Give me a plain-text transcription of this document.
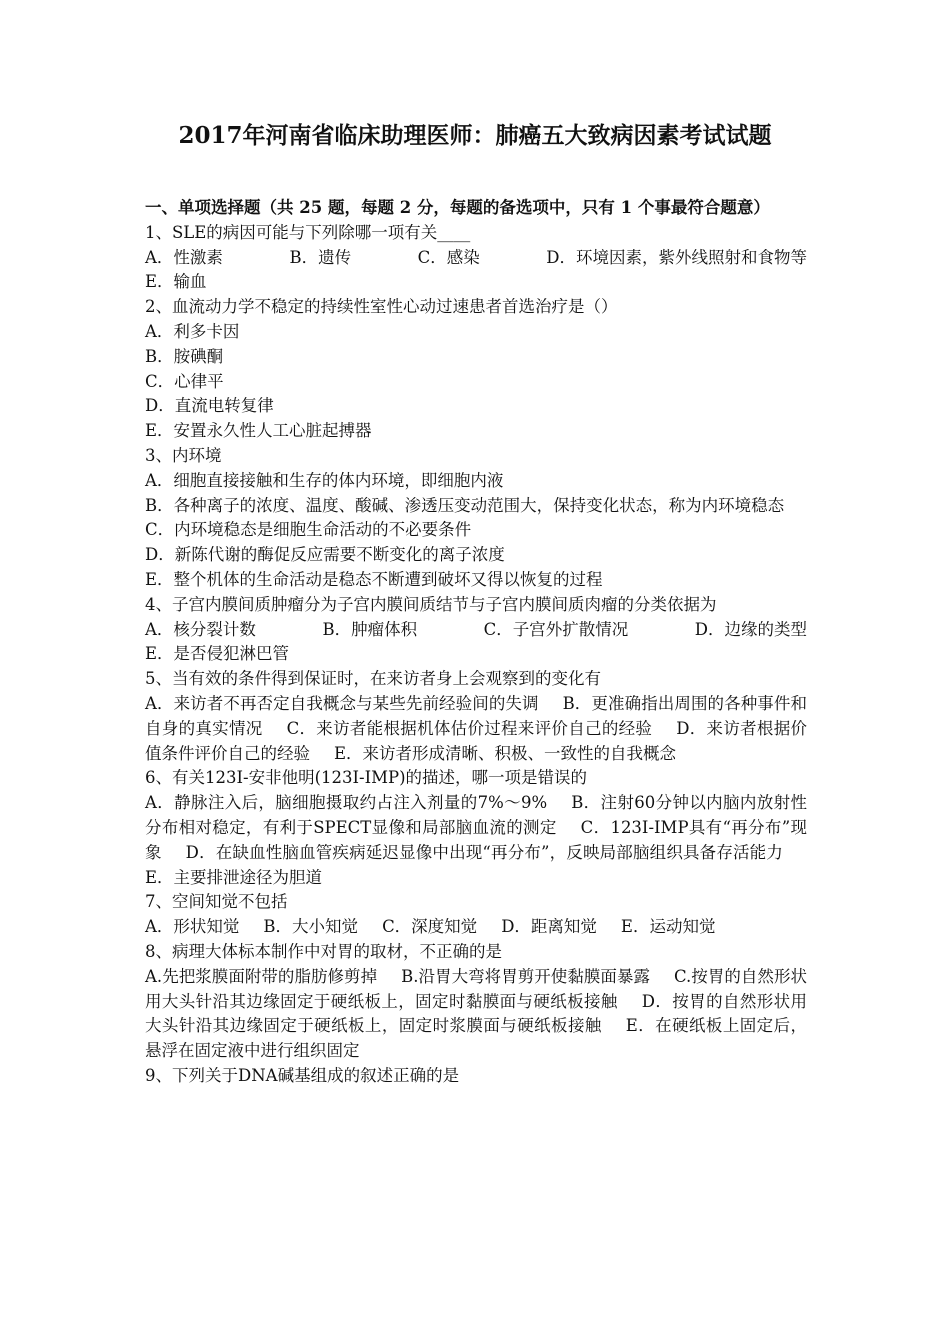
2017年河南省临床助理医师：肺癌五大致病因素考试试题

一、单项选择题（共 25 题，每题 2 分，每题的备选项中，只有 1 个事最符合题意）

1、SLE的病因可能与下列除哪一项有关____

A．性激素	B．遗传	C．感染	D．环境因素，紫外线照射和食物等

E．输血

2、血流动力学不稳定的持续性室性心动过速患者首选治疗是（）

A．利多卡因

B．胺碘酮

C．心律平

D．直流电转复律

E．安置永久性人工心脏起搏器

3、内环境

A．细胞直接接触和生存的体内环境，即细胞内液

B．各种离子的浓度、温度、酸碱、渗透压变动范围大，保持变化状态，称为内环境稳态

C．内环境稳态是细胞生命活动的不必要条件

D．新陈代谢的酶促反应需要不断变化的离子浓度

E．整个机体的生命活动是稳态不断遭到破坏又得以恢复的过程

4、子宫内膜间质肿瘤分为子宫内膜间质结节与子宫内膜间质肉瘤的分类依据为

A．核分裂计数	B．肿瘤体积	C．子宫外扩散情况	D．边缘的类型

E．是否侵犯淋巴管

5、当有效的条件得到保证时，在来访者身上会观察到的变化有

A．来访者不再否定自我概念与某些先前经验间的失调 B．更准确指出周围的各种事件和自身的真实情况 C．来访者能根据机体估价过程来评价自己的经验 D．来访者根据价值条件评价自己的经验 E．来访者形成清晰、积极、一致性的自我概念

6、有关123I-安非他明(123I-IMP)的描述，哪一项是错误的

A．静脉注入后，脑细胞摄取约占注入剂量的7%～9% B．注射60分钟以内脑内放射性分布相对稳定，有利于SPECT显像和局部脑血流的测定 C．123I-IMP具有“再分布”现象 D．在缺血性脑血管疾病延迟显像中出现“再分布”，反映局部脑组织具备存活能力E．主要排泄途径为胆道

7、空间知觉不包括

A．形状知觉 B．大小知觉 C．深度知觉 D．距离知觉 E．运动知觉

8、病理大体标本制作中对胃的取材，不正确的是

A.先把浆膜面附带的脂肪修剪掉 B.沿胃大弯将胃剪开使黏膜面暴露 C.按胃的自然形状用大头针沿其边缘固定于硬纸板上，固定时黏膜面与硬纸板接触 D．按胃的自然形状用大头针沿其边缘固定于硬纸板上，固定时浆膜面与硬纸板接触 E．在硬纸板上固定后，悬浮在固定液中进行组织固定

9、下列关于DNA碱基组成的叙述正确的是
